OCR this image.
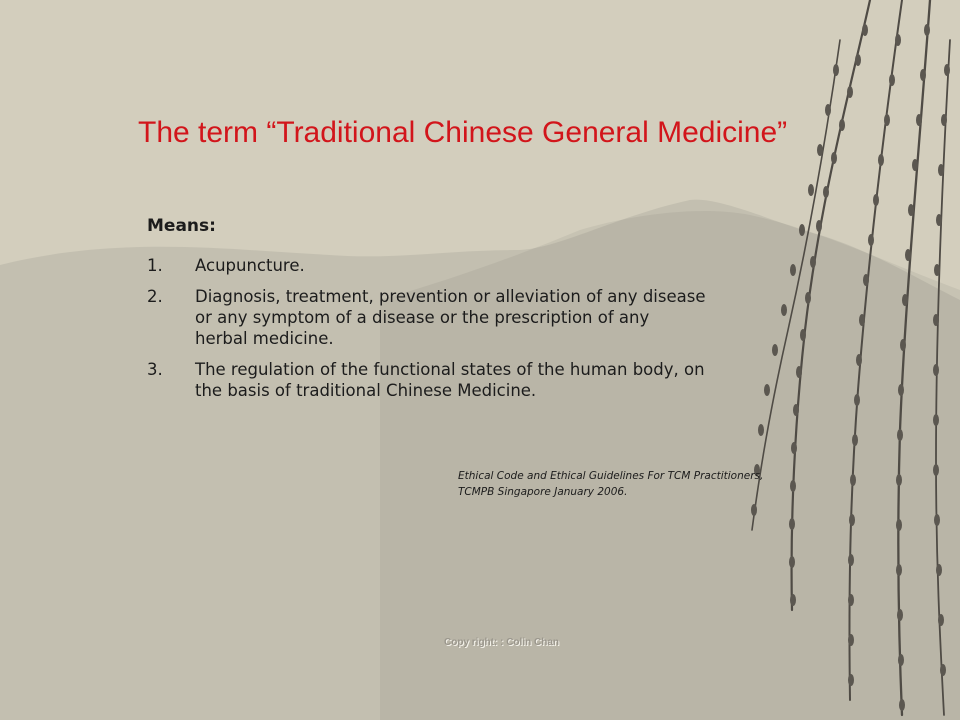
The term “Traditional Chinese General Medicine”
Means:
1. Acupuncture.
2. Diagnosis, treatment, prevention or alleviation of any disease or any symptom of a disease or the prescription of any herbal medicine.
3. The regulation of the functional states of the human body, on the basis of traditional Chinese Medicine.
Ethical Code and Ethical Guidelines For TCM Practitioners,
TCMPB Singapore January 2006.
Copy right: : Colin Chan
